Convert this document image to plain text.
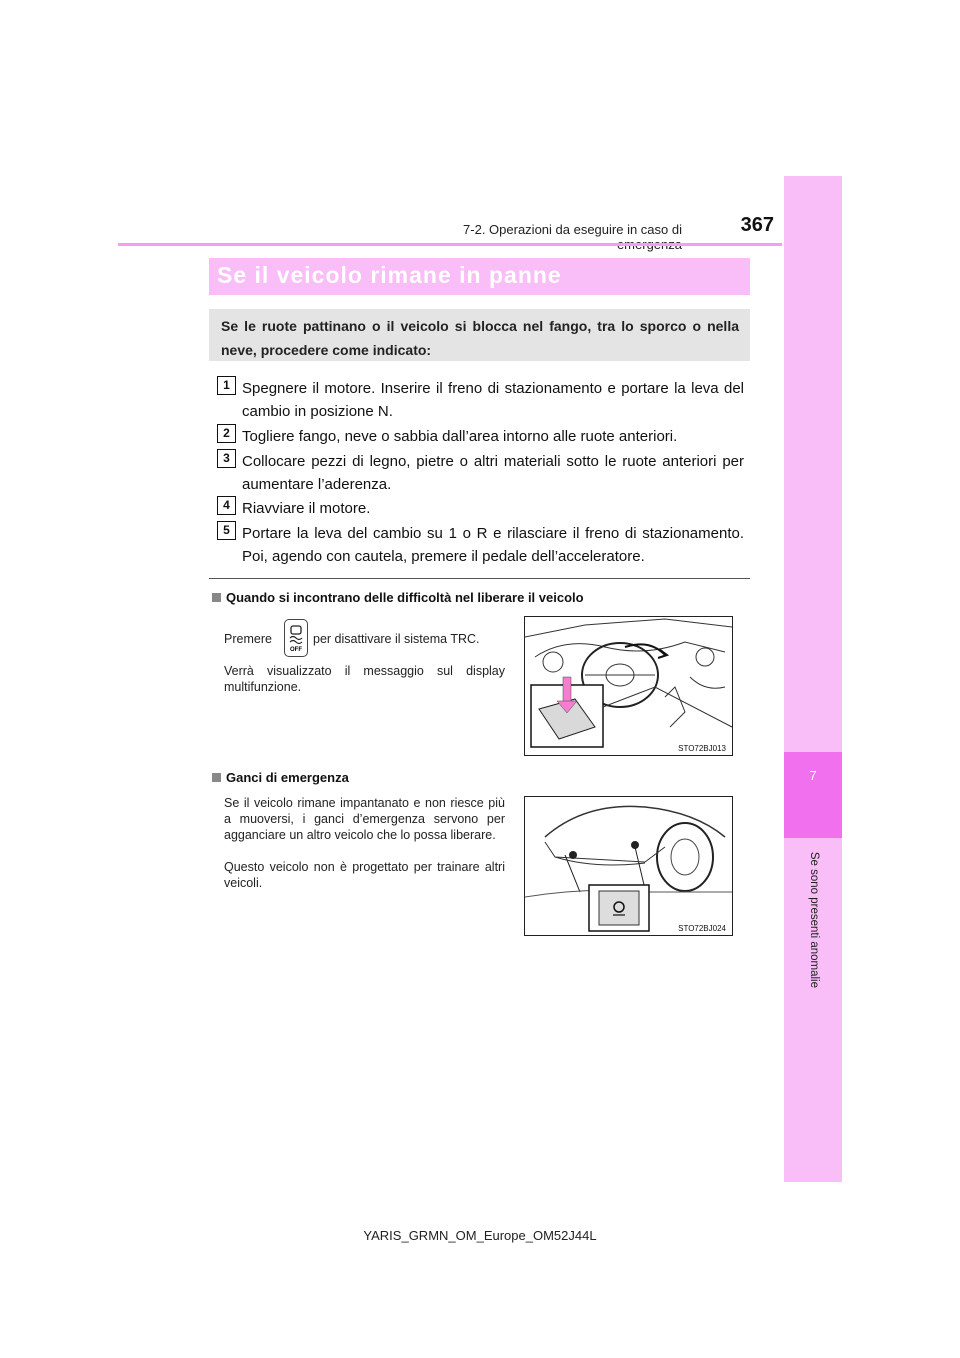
7
Se sono presenti anomalie
7-2. Operazioni da eseguire in caso di	367
Se il veicolo rimane in panne
Se le ruote pattinano o il veicolo si blocca nel fango, tra lo sporco o nella neve, procedere come indicato:
1 Spegnere il motore. Inserire il freno di stazionamento e portare la leva del cambio in posizione N.
2 Togliere fango, neve o sabbia dall’area intorno alle ruote anteriori.
3 Collocare pezzi di legno, pietre o altri materiali sotto le ruote anteriori per aumentare l’aderenza.
4 Riavviare il motore.
5 Portare la leva del cambio su 1 o R e rilasciare il freno di stazionamento. Poi, agendo con cautela, premere il pedale dell’acceleratore.
Quando si incontrano delle difficoltà nel liberare il veicolo
Premere
OFF
per disattivare il sistema TRC.
Verrà visualizzato il messaggio sul display multifunzione.
STO72BJ013
Ganci di emergenza
Se il veicolo rimane impantanato e non riesce più a muoversi, i ganci d’emergenza servono per agganciare un altro veicolo che lo possa liberare.
Questo veicolo non è progettato per trainare altri veicoli.
STO72BJ024
YARIS_GRMN_OM_Europe_OM52J44L
